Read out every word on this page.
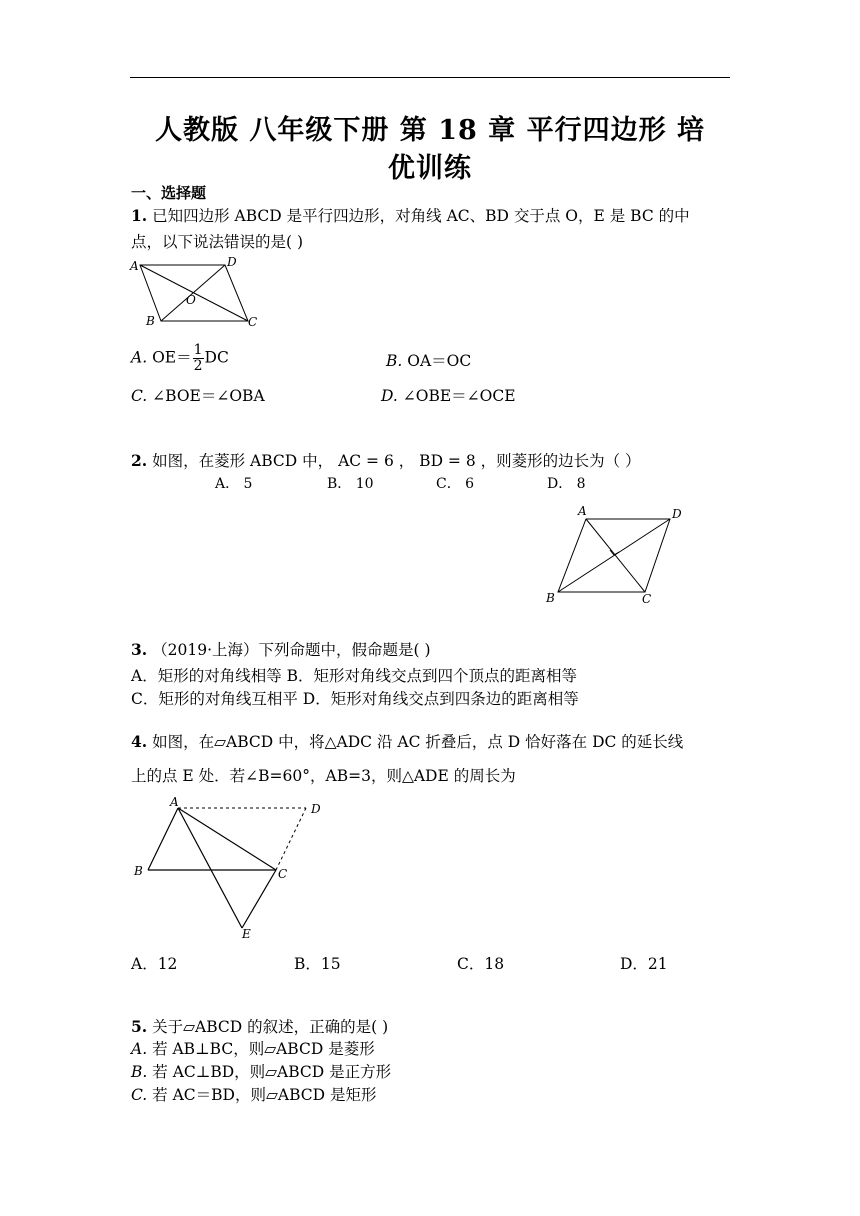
人教版 八年级下册 第 18 章 平行四边形 培
优训练
一、选择题
1. 已知四边形 ABCD 是平行四边形，对角线 AC、BD 交于点 O，E 是 BC 的中
点，以下说法错误的是( )
A	D
B	C
O
A. $OE= \frac{1}{2}$ DC	B. OA＝OC
C. ∠BOE＝∠OBA	D. ∠OBE＝∠OCE
2. 如图，在菱形 ABCD 中， AC = 6 ， BD = 8 ，则菱形的边长为（ ）
A． 5	B． 10	C． 6	D． 8
A	D
B	C
3. （2019·上海）下列命题中，假命题是( )
A．矩形的对角线相等 B．矩形对角线交点到四个顶点的距离相等
C．矩形的对角线互相平 D．矩形对角线交点到四条边的距离相等
4. 如图，在▱ABCD 中，将△ADC 沿 AC 折叠后，点 D 恰好落在 DC 的延长线
上的点 E 处．若∠B=60°，AB=3，则△ADE 的周长为
A	D
B	C
E
A．12	B．15	C．18	D．21
5. 关于▱ABCD 的叙述，正确的是( )
A. 若 AB⊥BC，则▱ABCD 是菱形
B. 若 AC⊥BD，则▱ABCD 是正方形
C. 若 AC＝BD，则▱ABCD 是矩形
